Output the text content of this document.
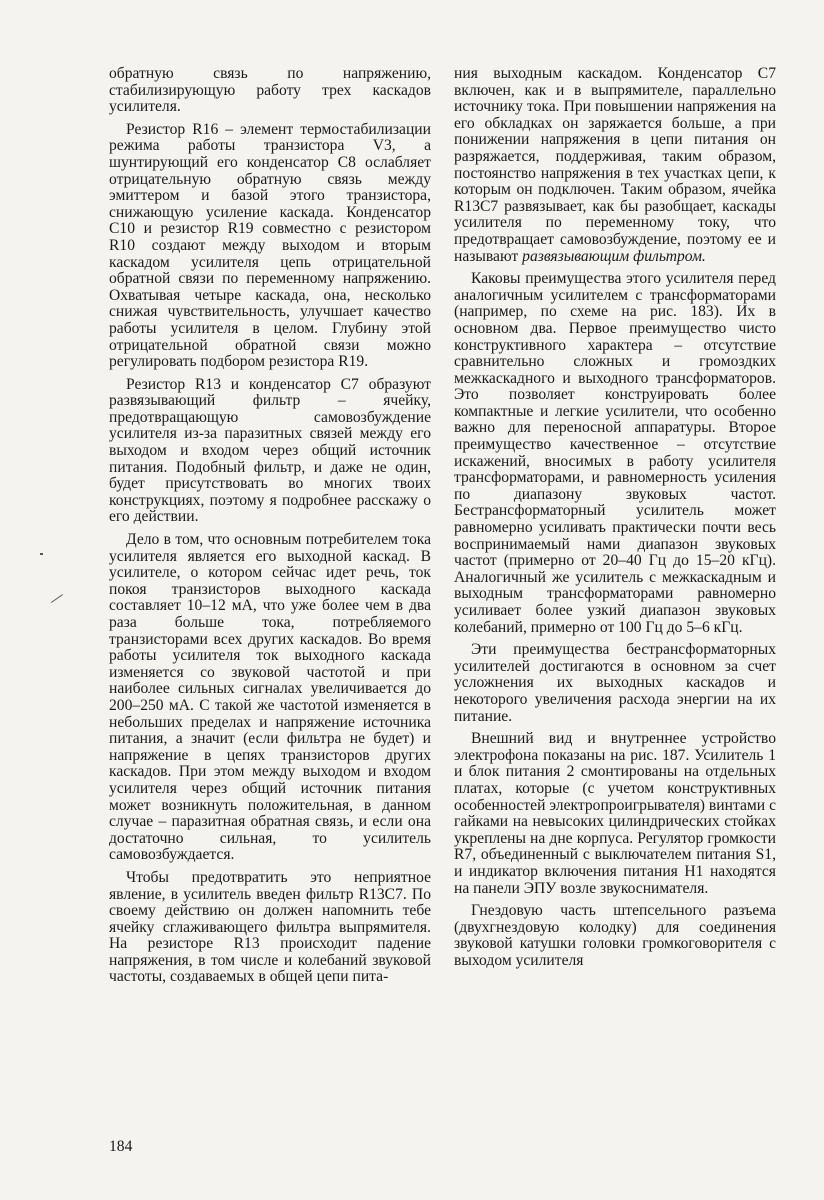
обратную связь по напряжению, стабилизирующую работу трех каскадов усилителя.

Резистор R16 – элемент термостабилизации режима работы транзистора V3, а шунтирующий его конденсатор С8 ослабляет отрицательную обратную связь между эмиттером и базой этого транзистора, снижающую усиление каскада. Конденсатор С10 и резистор R19 совместно с резистором R10 создают между выходом и вторым каскадом усилителя цепь отрицательной обратной связи по переменному напряжению. Охватывая четыре каскада, она, несколько снижая чувствительность, улучшает качество работы усилителя в целом. Глубину этой отрицательной обратной связи можно регулировать подбором резистора R19.

Резистор R13 и конденсатор С7 образуют развязывающий фильтр – ячейку, предотвращающую самовозбуждение усилителя из-за паразитных связей между его выходом и входом через общий источник питания. Подобный фильтр, и даже не один, будет присутствовать во многих твоих конструкциях, поэтому я подробнее расскажу о его действии.

Дело в том, что основным потребителем тока усилителя является его выходной каскад. В усилителе, о котором сейчас идет речь, ток покоя транзисторов выходного каскада составляет 10–12 мА, что уже более чем в два раза больше тока, потребляемого транзисторами всех других каскадов. Во время работы усилителя ток выходного каскада изменяется со звуковой частотой и при наиболее сильных сигналах увеличивается до 200–250 мА. С такой же частотой изменяется в небольших пределах и напряжение источника питания, а значит (если фильтра не будет) и напряжение в цепях транзисторов других каскадов. При этом между выходом и входом усилителя через общий источник питания может возникнуть положительная, в данном случае – паразитная обратная связь, и если она достаточно сильная, то усилитель самовозбуждается.

Чтобы предотвратить это неприятное явление, в усилитель введен фильтр R13C7. По своему действию он должен напомнить тебе ячейку сглаживающего фильтра выпрямителя. На резисторе R13 происходит падение напряжения, в том числе и колебаний звуковой частоты, создаваемых в общей цепи пита-

ния выходным каскадом. Конденсатор С7 включен, как и в выпрямителе, параллельно источнику тока. При повышении напряжения на его обкладках он заряжается больше, а при понижении напряжения в цепи питания он разряжается, поддерживая, таким образом, постоянство напряжения в тех участках цепи, к которым он подключен. Таким образом, ячейка R13C7 развязывает, как бы разобщает, каскады усилителя по переменному току, что предотвращает самовозбуждение, поэтому ее и называют развязывающим фильтром.

Каковы преимущества этого усилителя перед аналогичным усилителем с трансформаторами (например, по схеме на рис. 183). Их в основном два. Первое преимущество чисто конструктивного характера – отсутствие сравнительно сложных и громоздких межкаскадного и выходного трансформаторов. Это позволяет конструировать более компактные и легкие усилители, что особенно важно для переносной аппаратуры. Второе преимущество качественное – отсутствие искажений, вносимых в работу усилителя трансформаторами, и равномерность усиления по диапазону звуковых частот. Бестрансформаторный усилитель может равномерно усиливать практически почти весь воспринимаемый нами диапазон звуковых частот (примерно от 20–40 Гц до 15–20 кГц). Аналогичный же усилитель с межкаскадным и выходным трансформаторами равномерно усиливает более узкий диапазон звуковых колебаний, примерно от 100 Гц до 5–6 кГц.

Эти преимущества бестрансформаторных усилителей достигаются в основном за счет усложнения их выходных каскадов и некоторого увеличения расхода энергии на их питание.

Внешний вид и внутреннее устройство электрофона показаны на рис. 187. Усилитель 1 и блок питания 2 смонтированы на отдельных платах, которые (с учетом конструктивных особенностей электропроигрывателя) винтами с гайками на невысоких цилиндрических стойках укреплены на дне корпуса. Регулятор громкости R7, объединенный с выключателем питания S1, и индикатор включения питания H1 находятся на панели ЭПУ возле звукоснимателя.

Гнездовую часть штепсельного разъема (двухгнездовую колодку) для соединения звуковой катушки головки громкоговорителя с выходом усилителя

184
